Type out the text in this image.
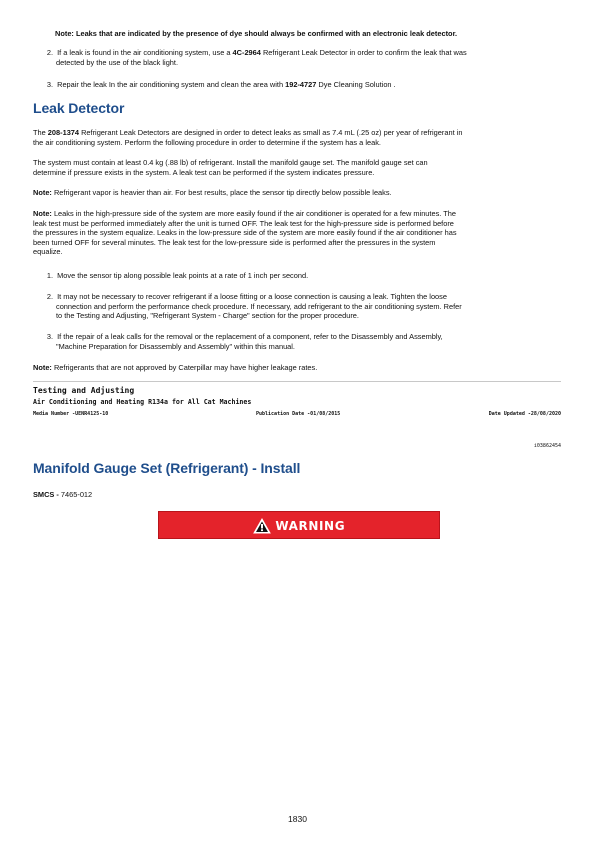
Note: Leaks that are indicated by the presence of dye should always be confirmed with an electronic leak detector.
2. If a leak is found in the air conditioning system, use a 4C-2964 Refrigerant Leak Detector in order to confirm the leak that was
detected by the use of the black light.
3. Repair the leak In the air conditioning system and clean the area with 192-4727 Dye Cleaning Solution .
Leak Detector
The 208-1374 Refrigerant Leak Detectors are designed in order to detect leaks as small as 7.4 mL (.25 oz) per year of refrigerant in
the air conditioning system. Perform the following procedure in order to determine if the system has a leak.
The system must contain at least 0.4 kg (.88 lb) of refrigerant. Install the manifold gauge set. The manifold gauge set can
determine if pressure exists in the system. A leak test can be performed if the system indicates pressure.
Note: Refrigerant vapor is heavier than air. For best results, place the sensor tip directly below possible leaks.
Note: Leaks in the high-pressure side of the system are more easily found if the air conditioner is operated for a few minutes. The
leak test must be performed immediately after the unit is turned OFF. The leak test for the high-pressure side is performed before
the pressures in the system equalize. Leaks in the low-pressure side of the system are more easily found if the air conditioner has
been turned OFF for several minutes. The leak test for the low-pressure side is performed after the pressures in the system
equalize.
1. Move the sensor tip along possible leak points at a rate of 1 inch per second.
2. It may not be necessary to recover refrigerant if a loose fitting or a loose connection is causing a leak. Tighten the loose
connection and perform the performance check procedure. If necessary, add refrigerant to the air conditioning system. Refer
to the Testing and Adjusting, "Refrigerant System - Charge" section for the proper procedure.
3. If the repair of a leak calls for the removal or the replacement of a component, refer to the Disassembly and Assembly,
"Machine Preparation for Disassembly and Assembly" within this manual.
Note: Refrigerants that are not approved by Caterpillar may have higher leakage rates.
Testing and Adjusting
Air Conditioning and Heating R134a for All Cat Machines
Media Number -UENR4125-10	Publication Date -01/08/2015	Date Updated -28/08/2020
i03862454
Manifold Gauge Set (Refrigerant) - Install
SMCS - 7465-012
WARNING
1830
